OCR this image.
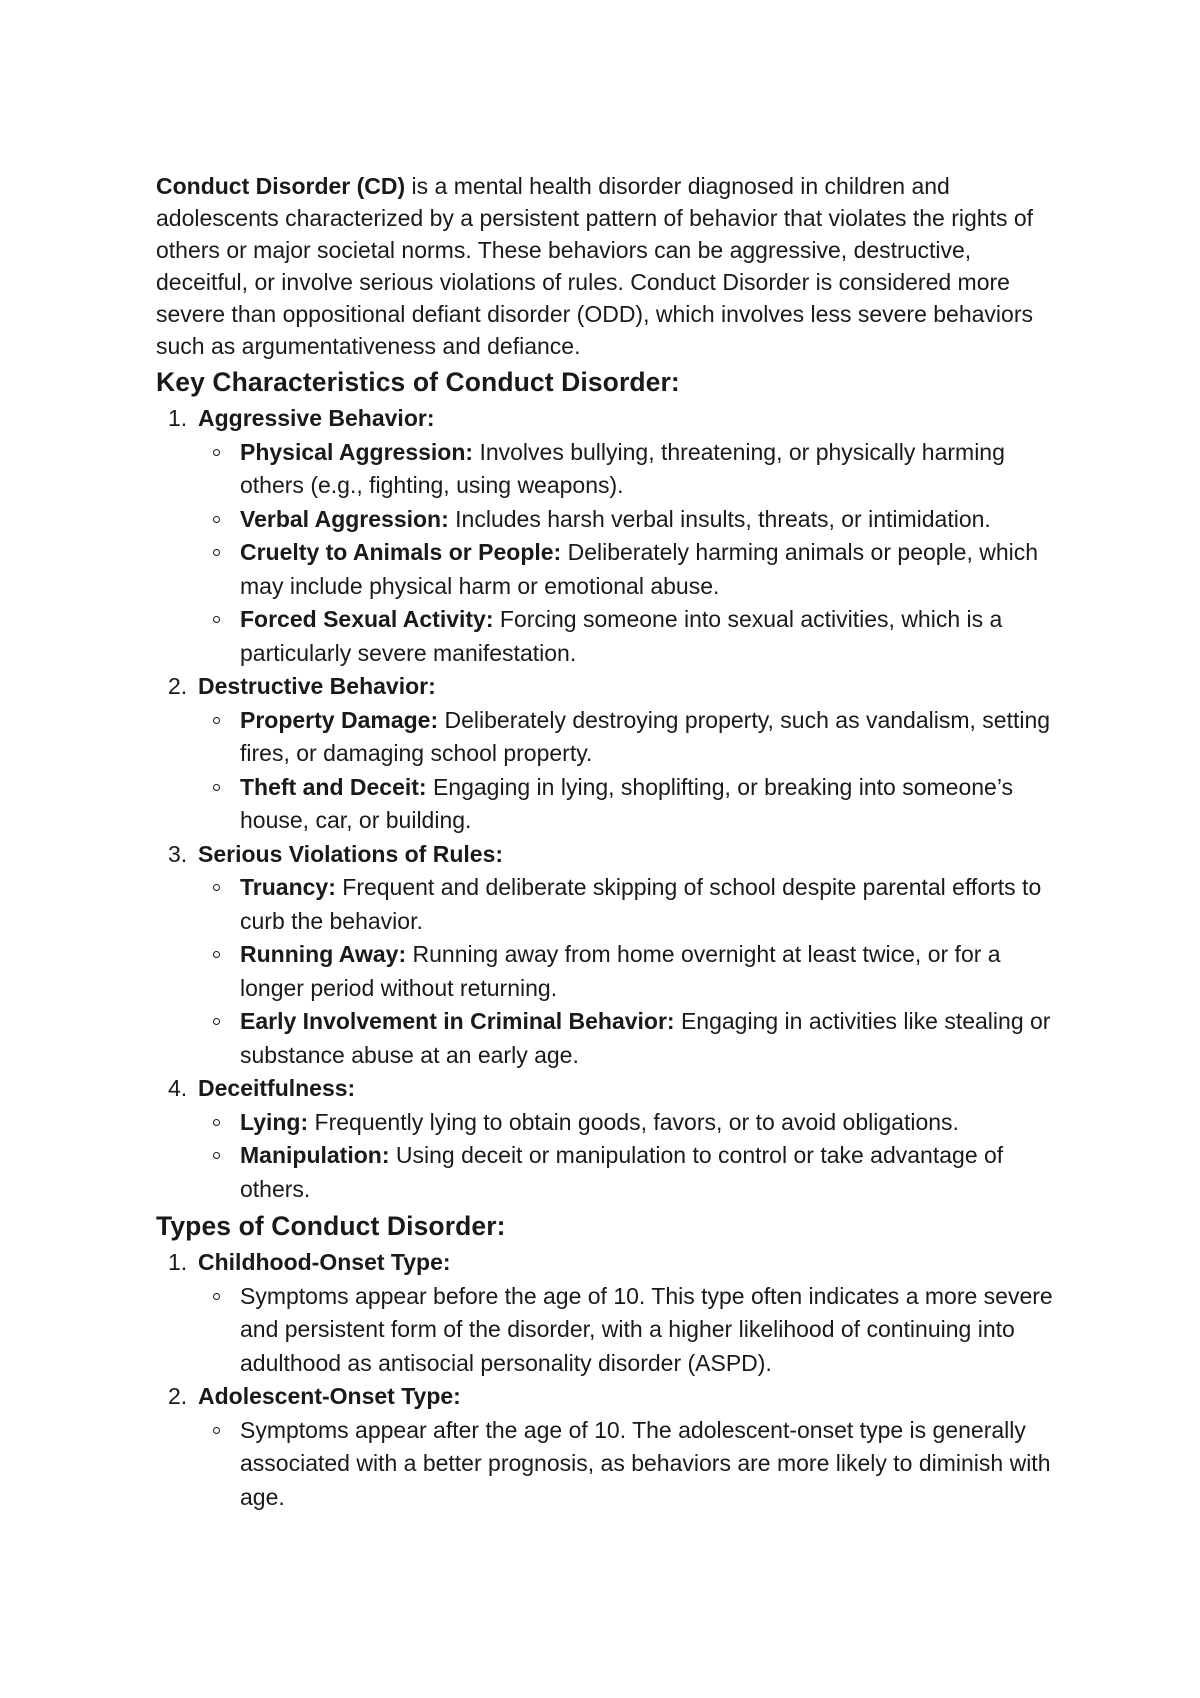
Conduct Disorder (CD) is a mental health disorder diagnosed in children and adolescents characterized by a persistent pattern of behavior that violates the rights of others or major societal norms. These behaviors can be aggressive, destructive, deceitful, or involve serious violations of rules. Conduct Disorder is considered more severe than oppositional defiant disorder (ODD), which involves less severe behaviors such as argumentativeness and defiance.

Key Characteristics of Conduct Disorder:
1. Aggressive Behavior:
Physical Aggression: Involves bullying, threatening, or physically harming others (e.g., fighting, using weapons).
Verbal Aggression: Includes harsh verbal insults, threats, or intimidation.
Cruelty to Animals or People: Deliberately harming animals or people, which may include physical harm or emotional abuse.
Forced Sexual Activity: Forcing someone into sexual activities, which is a particularly severe manifestation.
2. Destructive Behavior:
Property Damage: Deliberately destroying property, such as vandalism, setting fires, or damaging school property.
Theft and Deceit: Engaging in lying, shoplifting, or breaking into someone’s house, car, or building.
3. Serious Violations of Rules:
Truancy: Frequent and deliberate skipping of school despite parental efforts to curb the behavior.
Running Away: Running away from home overnight at least twice, or for a longer period without returning.
Early Involvement in Criminal Behavior: Engaging in activities like stealing or substance abuse at an early age.
4. Deceitfulness:
Lying: Frequently lying to obtain goods, favors, or to avoid obligations.
Manipulation: Using deceit or manipulation to control or take advantage of others.
Types of Conduct Disorder:
1. Childhood-Onset Type:
Symptoms appear before the age of 10. This type often indicates a more severe and persistent form of the disorder, with a higher likelihood of continuing into adulthood as antisocial personality disorder (ASPD).
2. Adolescent-Onset Type:
Symptoms appear after the age of 10. The adolescent-onset type is generally associated with a better prognosis, as behaviors are more likely to diminish with age.
